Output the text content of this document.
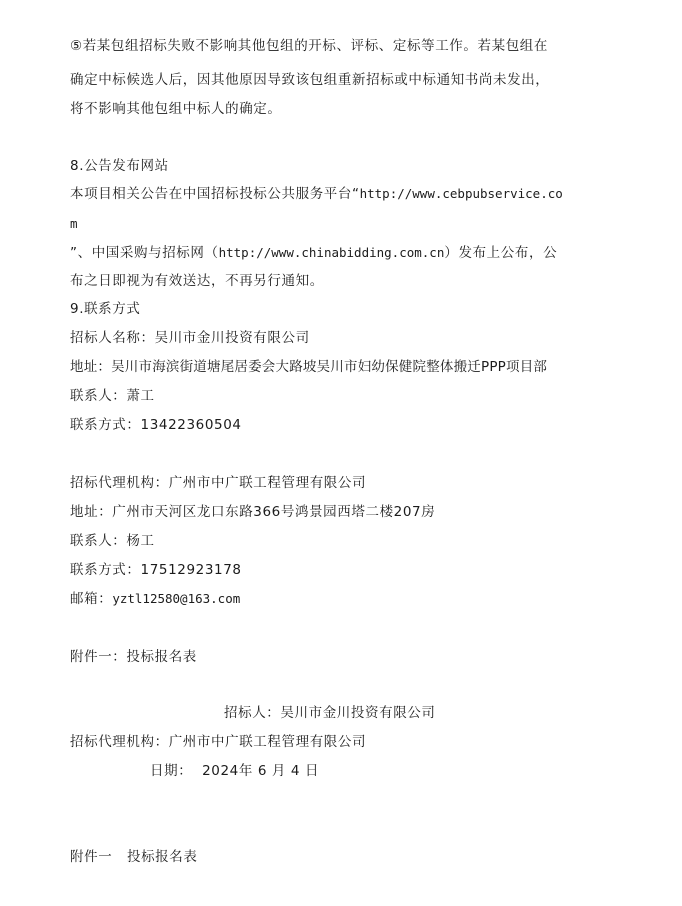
⑤若某包组招标失败不影响其他包组的开标、评标、定标等工作。若某包组在
确定中标候选人后，因其他原因导致该包组重新招标或中标通知书尚未发出，
将不影响其他包组中标人的确定。
8.公告发布网站
本项目相关公告在中国招标投标公共服务平台“http://www.cebpubservice.co
m
”、中国采购与招标网（http://www.chinabidding.com.cn）发布上公布，公
布之日即视为有效送达，不再另行通知。
9.联系方式
招标人名称：吴川市金川投资有限公司
地址：吴川市海滨街道塘尾居委会大路坡吴川市妇幼保健院整体搬迁PPP项目部
联系人：萧工
联系方式：13422360504
招标代理机构：广州市中广联工程管理有限公司
地址：广州市天河区龙口东路366号鸿景园西塔二楼207房
联系人：杨工
联系方式：17512923178
邮箱：yztl12580@163.com
附件一：投标报名表
招标人：吴川市金川投资有限公司
招标代理机构：广州市中广联工程管理有限公司
日期：  2024年 6 月 4 日
附件一   投标报名表
